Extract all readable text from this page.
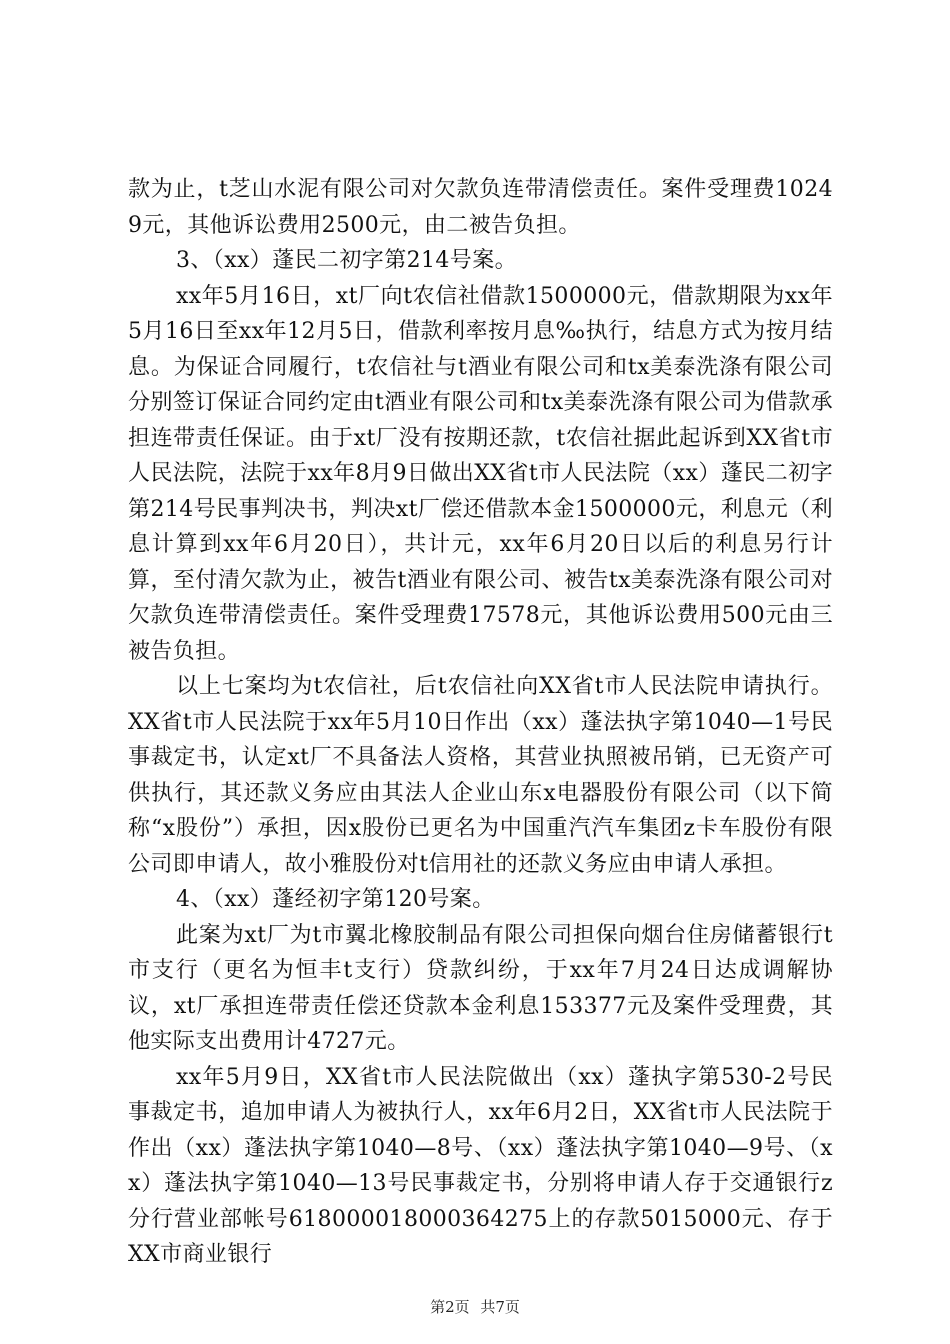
款为止，t芝山水泥有限公司对欠款负连带清偿责任。案件受理费10249元，其他诉讼费用2500元，由二被告负担。

3、（xx）蓬民二初字第214号案。

xx年5月16日，xt厂向t农信社借款1500000元，借款期限为xx年5月16日至xx年12月5日，借款利率按月息‰执行，结息方式为按月结息。为保证合同履行，t农信社与t酒业有限公司和tx美泰洗涤有限公司分别签订保证合同约定由t酒业有限公司和tx美泰洗涤有限公司为借款承担连带责任保证。由于xt厂没有按期还款，t农信社据此起诉到XX省t市人民法院，法院于xx年8月9日做出XX省t市人民法院（xx）蓬民二初字第214号民事判决书，判决xt厂偿还借款本金1500000元，利息元（利息计算到xx年6月20日），共计元，xx年6月20日以后的利息另行计算，至付清欠款为止，被告t酒业有限公司、被告tx美泰洗涤有限公司对欠款负连带清偿责任。案件受理费17578元，其他诉讼费用500元由三被告负担。

以上七案均为t农信社，后t农信社向XX省t市人民法院申请执行。XX省t市人民法院于xx年5月10日作出（xx）蓬法执字第1040—1号民事裁定书，认定xt厂不具备法人资格，其营业执照被吊销，已无资产可供执行，其还款义务应由其法人企业山东x电器股份有限公司（以下简称“x股份”）承担，因x股份已更名为中国重汽汽车集团z卡车股份有限公司即申请人，故小雅股份对t信用社的还款义务应由申请人承担。

4、（xx）蓬经初字第120号案。

此案为xt厂为t市翼北橡胶制品有限公司担保向烟台住房储蓄银行t市支行（更名为恒丰t支行）贷款纠纷，于xx年7月24日达成调解协议，xt厂承担连带责任偿还贷款本金利息153377元及案件受理费，其他实际支出费用计4727元。

xx年5月9日，XX省t市人民法院做出（xx）蓬执字第530-2号民事裁定书，追加申请人为被执行人，xx年6月2日，XX省t市人民法院于作出（xx）蓬法执字第1040—8号、（xx）蓬法执字第1040—9号、（xx）蓬法执字第1040—13号民事裁定书，分别将申请人存于交通银行z分行营业部帐号618000018000364275上的存款5015000元、存于XX市商业银行

第2页 共7页
